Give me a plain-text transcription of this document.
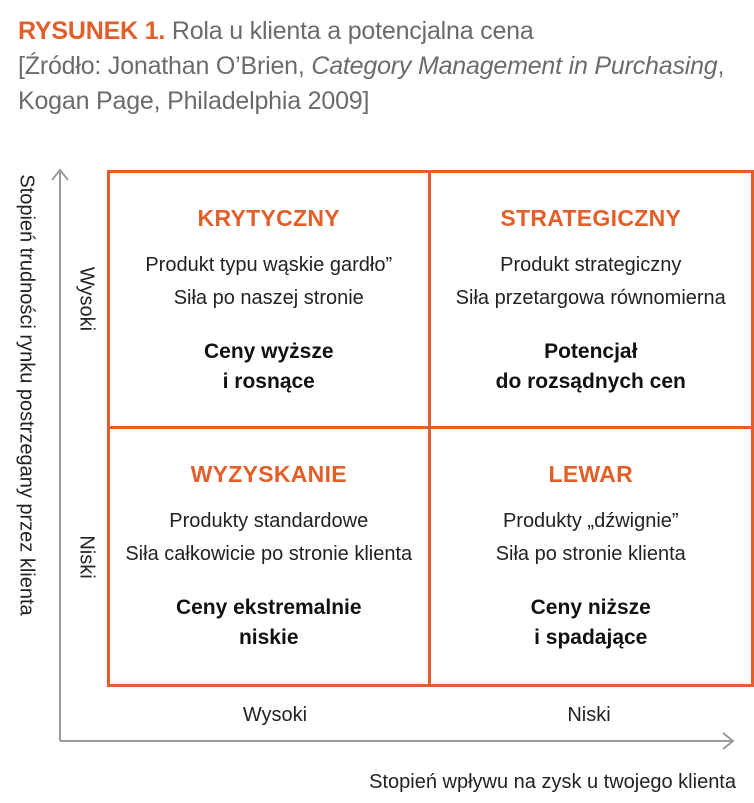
RYSUNEK 1. Rola u klienta a potencjalna cena
[Źródło: Jonathan O’Brien, Category Management in Purchasing,
Kogan Page, Philadelphia 2009]
Stopień trudności rynku postrzegany przez klienta Wysoki
Niski
KRYTYCZNY
Produkt typu wąskie gardło”
Siła po naszej stronie
Ceny wyższe
i rosnące
STRATEGICZNY
Produkt strategiczny
Siła przetargowa równomierna
Potencjał
do rozsądnych cen
WYZYSKANIE
Produkty standardowe
Siła całkowicie po stronie klienta
Ceny ekstremalnie
niskie
LEWAR
Produkty „dźwignie”
Siła po stronie klienta
Ceny niższe
i spadające
Wysoki	Niski
Stopień wpływu na zysk u twojego klienta
